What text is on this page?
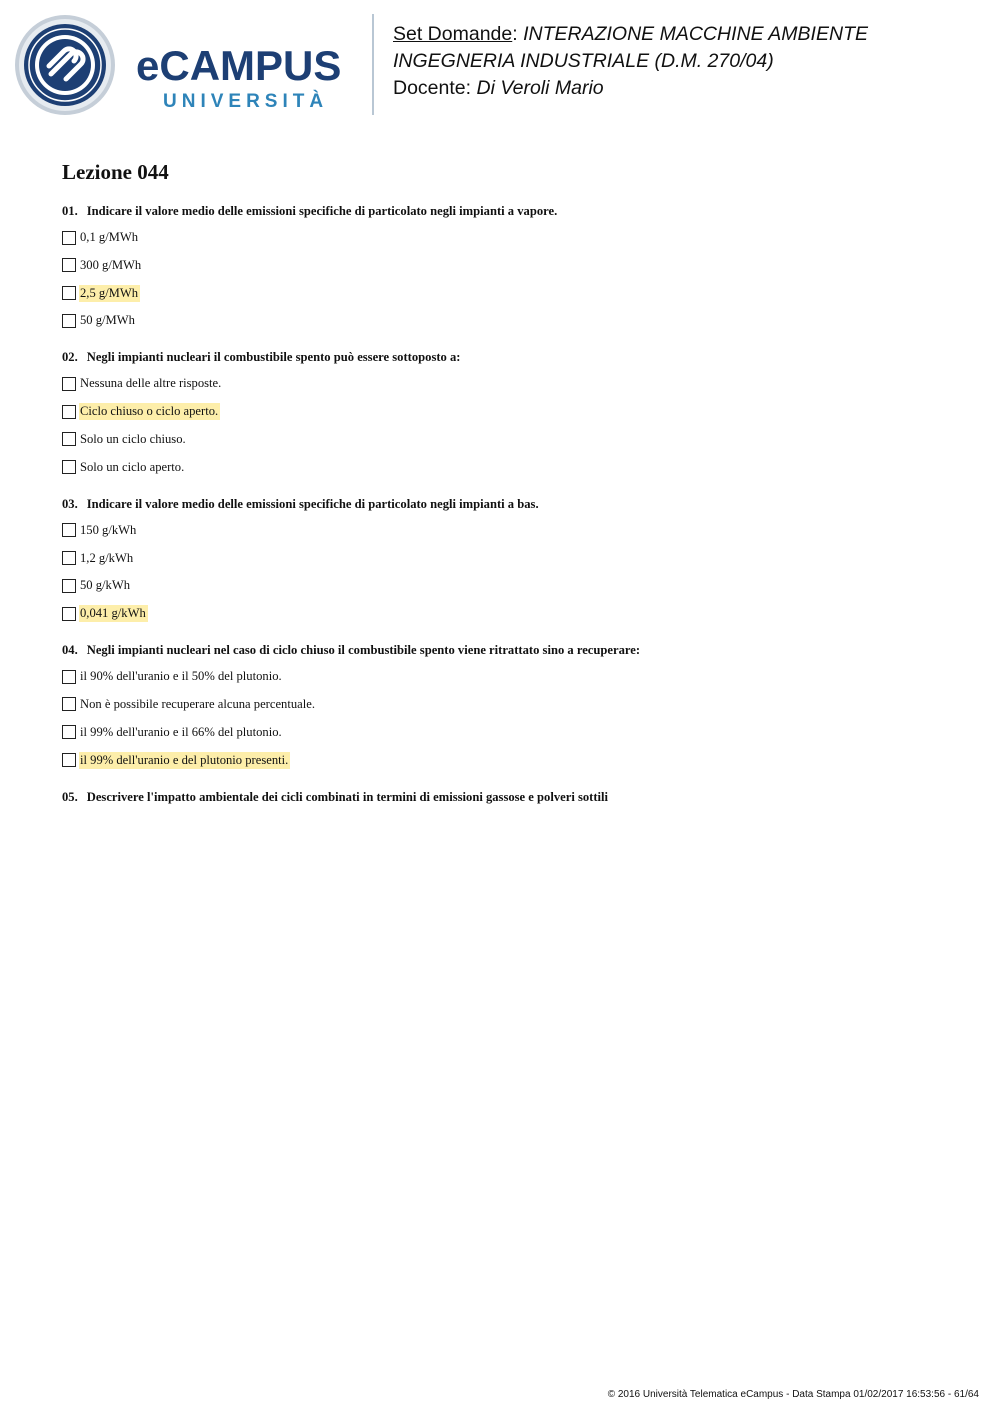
eCAMPUS
UNIVERSITÀ
Set Domande: INTERAZIONE MACCHINE AMBIENTE
INGEGNERIA INDUSTRIALE (D.M. 270/04)
Docente: Di Veroli Mario
Lezione 044
01. Indicare il valore medio delle emissioni specifiche di particolato negli impianti a vapore.
0,1 g/MWh
300 g/MWh
2,5 g/MWh
50 g/MWh
02. Negli impianti nucleari il combustibile spento può essere sottoposto a:
Nessuna delle altre risposte.
Ciclo chiuso o ciclo aperto.
Solo un ciclo chiuso.
Solo un ciclo aperto.
03. Indicare il valore medio delle emissioni specifiche di particolato negli impianti a bas.
150 g/kWh
1,2 g/kWh
50 g/kWh
0,041 g/kWh
04. Negli impianti nucleari nel caso di ciclo chiuso il combustibile spento viene ritrattato sino a recuperare:
il 90% dell'uranio e il 50% del plutonio.
Non è possibile recuperare alcuna percentuale.
il 99% dell'uranio e il 66% del plutonio.
il 99% dell'uranio e del plutonio presenti.
05. Descrivere l'impatto ambientale dei cicli combinati in termini di emissioni gassose e polveri sottili
© 2016 Università Telematica eCampus - Data Stampa 01/02/2017 16:53:56 - 61/64
